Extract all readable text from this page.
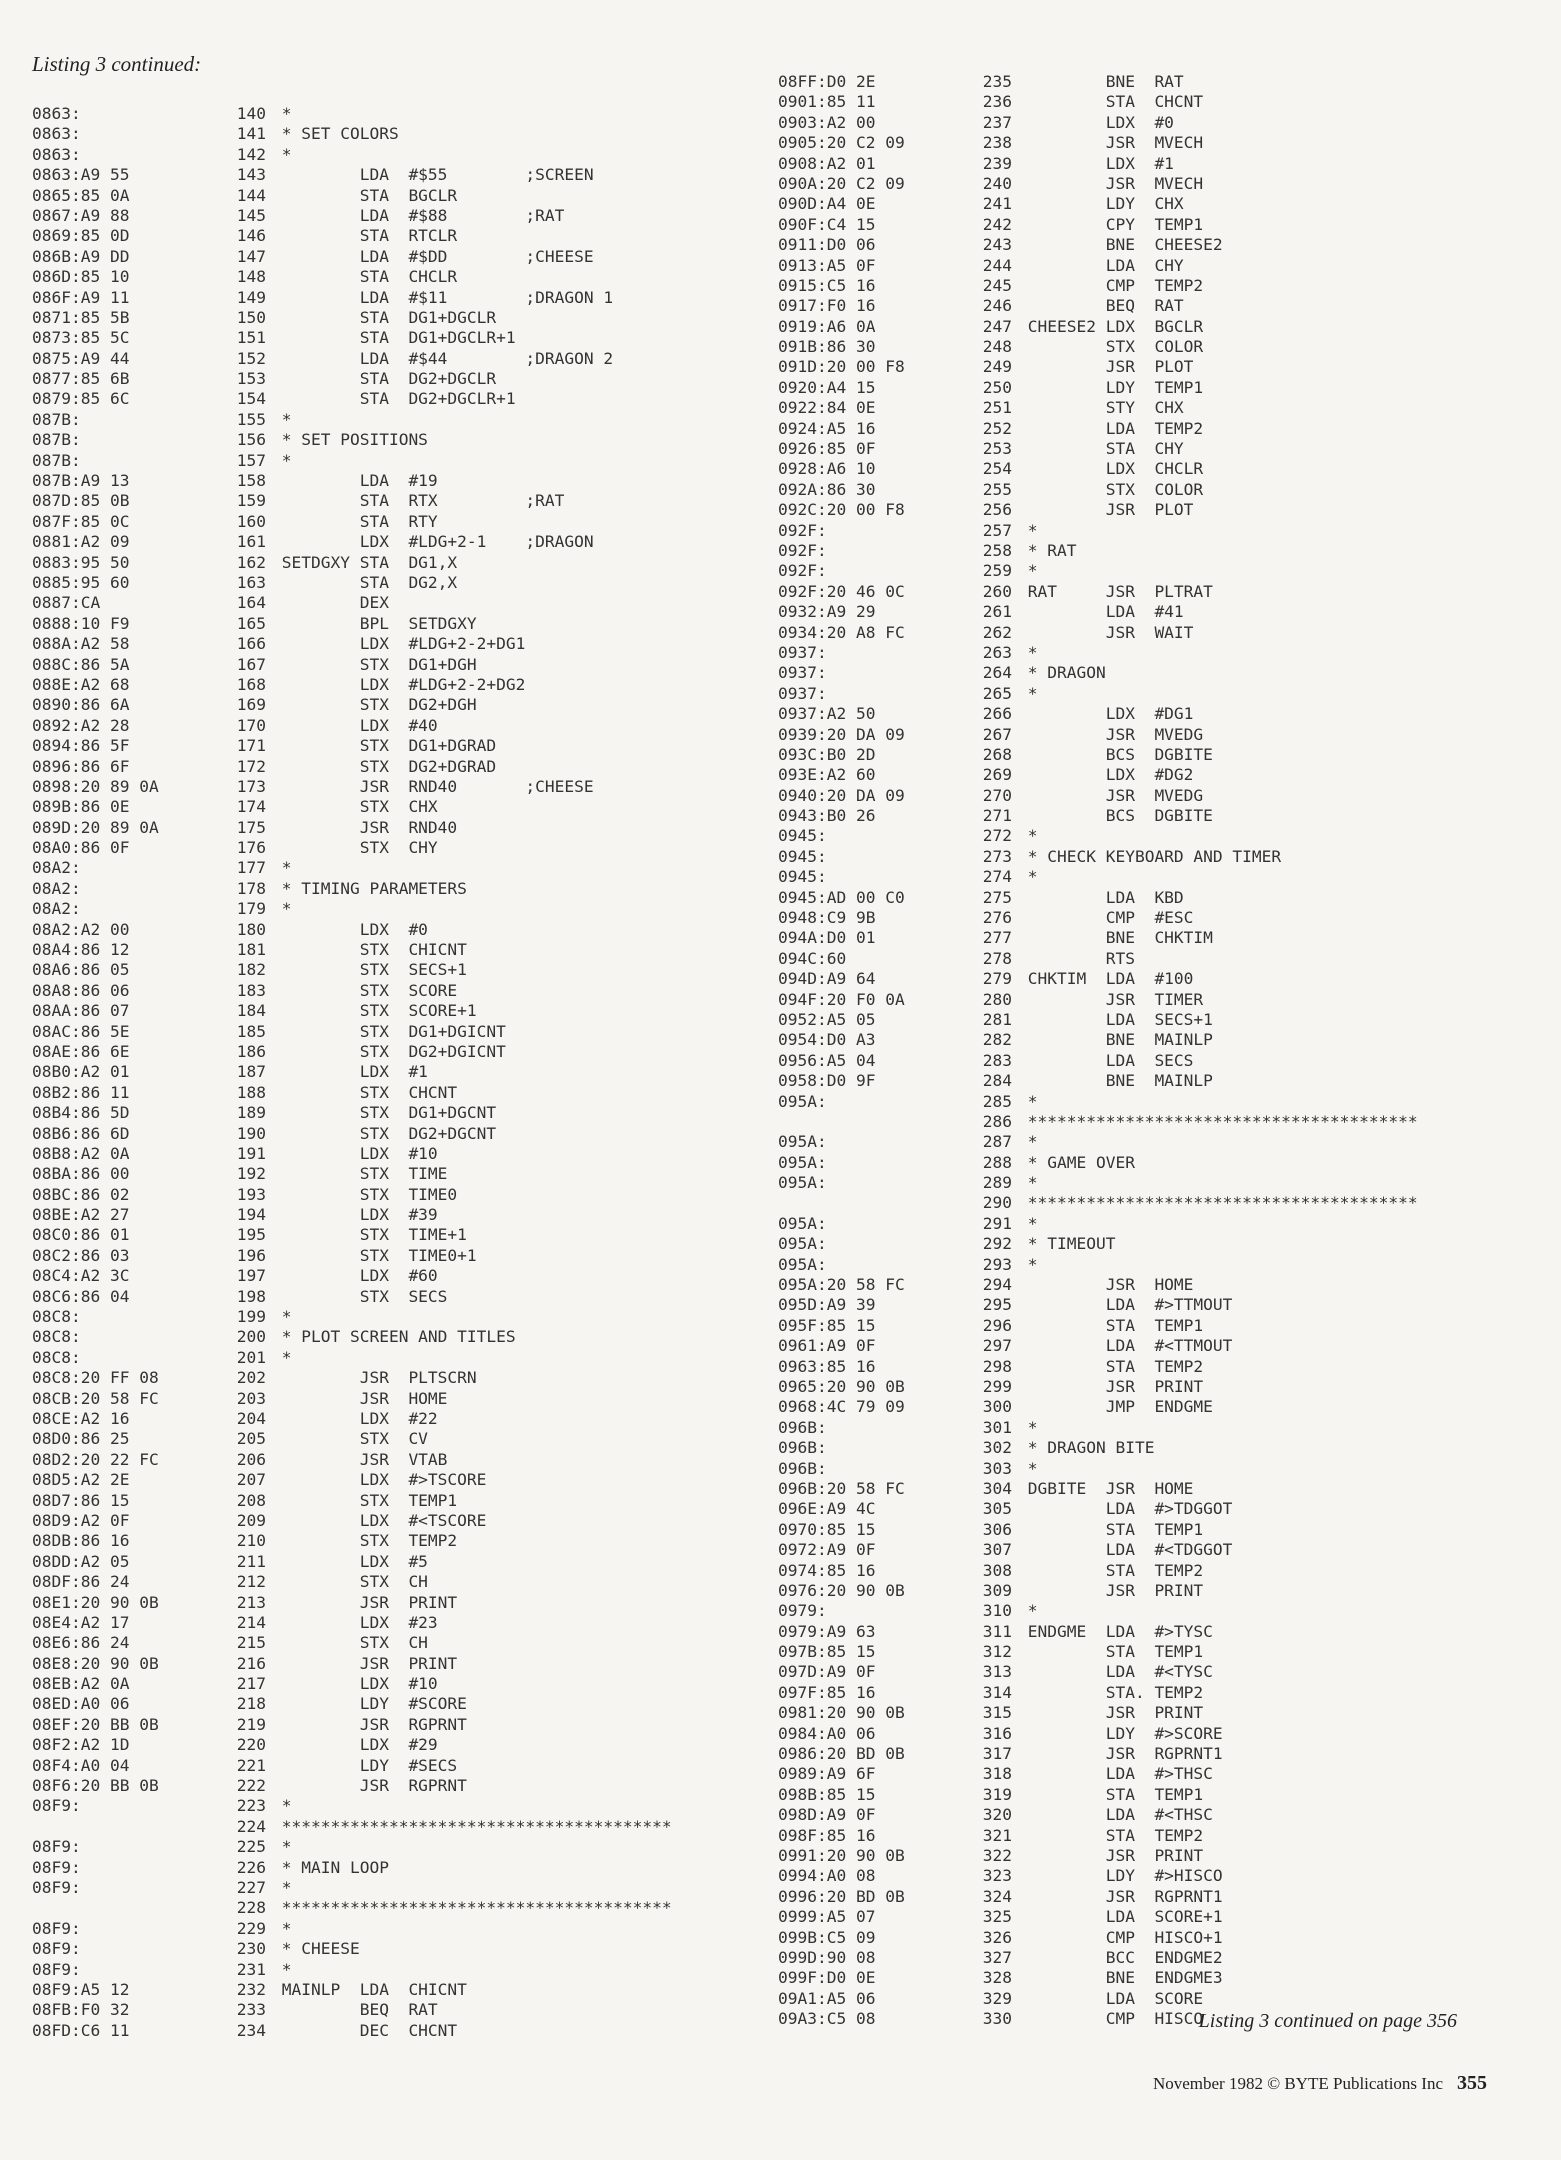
Listing 3 continued:
0863:	140 *
0863:	141 * SET COLORS
0863:	142 *
0863:A9 55	143         LDA  #$55        ;SCREEN
0865:85 0A	144         STA  BGCLR
0867:A9 88	145         LDA  #$88        ;RAT
0869:85 0D	146         STA  RTCLR
086B:A9 DD	147         LDA  #$DD        ;CHEESE
086D:85 10	148         STA  CHCLR
086F:A9 11	149         LDA  #$11        ;DRAGON 1
0871:85 5B	150         STA  DG1+DGCLR
0873:85 5C	151         STA  DG1+DGCLR+1
0875:A9 44	152         LDA  #$44        ;DRAGON 2
0877:85 6B	153         STA  DG2+DGCLR
0879:85 6C	154         STA  DG2+DGCLR+1
087B:	155 *
087B:	156 * SET POSITIONS
087B:	157 *
087B:A9 13	158         LDA  #19
087D:85 0B	159         STA  RTX         ;RAT
087F:85 0C	160         STA  RTY
0881:A2 09	161         LDX  #LDG+2-1    ;DRAGON
0883:95 50	162 SETDGXY STA  DG1,X
0885:95 60	163         STA  DG2,X
0887:CA	164         DEX
0888:10 F9	165         BPL  SETDGXY
088A:A2 58	166         LDX  #LDG+2-2+DG1
088C:86 5A	167         STX  DG1+DGH
088E:A2 68	168         LDX  #LDG+2-2+DG2
0890:86 6A	169         STX  DG2+DGH
0892:A2 28	170         LDX  #40
0894:86 5F	171         STX  DG1+DGRAD
0896:86 6F	172         STX  DG2+DGRAD
0898:20 89 0A	173         JSR  RND40       ;CHEESE
089B:86 0E	174         STX  CHX
089D:20 89 0A	175         JSR  RND40
08A0:86 0F	176         STX  CHY
08A2:	177 *
08A2:	178 * TIMING PARAMETERS
08A2:	179 *
08A2:A2 00	180         LDX  #0
08A4:86 12	181         STX  CHICNT
08A6:86 05	182         STX  SECS+1
08A8:86 06	183         STX  SCORE
08AA:86 07	184         STX  SCORE+1
08AC:86 5E	185         STX  DG1+DGICNT
08AE:86 6E	186         STX  DG2+DGICNT
08B0:A2 01	187         LDX  #1
08B2:86 11	188         STX  CHCNT
08B4:86 5D	189         STX  DG1+DGCNT
08B6:86 6D	190         STX  DG2+DGCNT
08B8:A2 0A	191         LDX  #10
08BA:86 00	192         STX  TIME
08BC:86 02	193         STX  TIME0
08BE:A2 27	194         LDX  #39
08C0:86 01	195         STX  TIME+1
08C2:86 03	196         STX  TIME0+1
08C4:A2 3C	197         LDX  #60
08C6:86 04	198         STX  SECS
08C8:	199 *
08C8:	200 * PLOT SCREEN AND TITLES
08C8:	201 *
08C8:20 FF 08	202         JSR  PLTSCRN
08CB:20 58 FC	203         JSR  HOME
08CE:A2 16	204         LDX  #22
08D0:86 25	205         STX  CV
08D2:20 22 FC	206         JSR  VTAB
08D5:A2 2E	207         LDX  #>TSCORE
08D7:86 15	208         STX  TEMP1
08D9:A2 0F	209         LDX  #<TSCORE
08DB:86 16	210         STX  TEMP2
08DD:A2 05	211         LDX  #5
08DF:86 24	212         STX  CH
08E1:20 90 0B	213         JSR  PRINT
08E4:A2 17	214         LDX  #23
08E6:86 24	215         STX  CH
08E8:20 90 0B	216         JSR  PRINT
08EB:A2 0A	217         LDX  #10
08ED:A0 06	218         LDY  #SCORE
08EF:20 BB 0B	219         JSR  RGPRNT
08F2:A2 1D	220         LDX  #29
08F4:A0 04	221         LDY  #SECS
08F6:20 BB 0B	222         JSR  RGPRNT
08F9:	223 *
224 ****************************************
08F9:	225 *
08F9:	226 * MAIN LOOP
08F9:	227 *
228 ****************************************
08F9:	229 *
08F9:	230 * CHEESE
08F9:	231 *
08F9:A5 12	232 MAINLP  LDA  CHICNT
08FB:F0 32	233         BEQ  RAT
08FD:C6 11	234         DEC  CHCNT
08FF:D0 2E	235         BNE  RAT
0901:85 11	236         STA  CHCNT
0903:A2 00	237         LDX  #0
0905:20 C2 09	238         JSR  MVECH
0908:A2 01	239         LDX  #1
090A:20 C2 09	240         JSR  MVECH
090D:A4 0E	241         LDY  CHX
090F:C4 15	242         CPY  TEMP1
0911:D0 06	243         BNE  CHEESE2
0913:A5 0F	244         LDA  CHY
0915:C5 16	245         CMP  TEMP2
0917:F0 16	246         BEQ  RAT
0919:A6 0A	247 CHEESE2 LDX  BGCLR
091B:86 30	248         STX  COLOR
091D:20 00 F8	249         JSR  PLOT
0920:A4 15	250         LDY  TEMP1
0922:84 0E	251         STY  CHX
0924:A5 16	252         LDA  TEMP2
0926:85 0F	253         STA  CHY
0928:A6 10	254         LDX  CHCLR
092A:86 30	255         STX  COLOR
092C:20 00 F8	256         JSR  PLOT
092F:	257 *
092F:	258 * RAT
092F:	259 *
092F:20 46 0C	260 RAT     JSR  PLTRAT
0932:A9 29	261         LDA  #41
0934:20 A8 FC	262         JSR  WAIT
0937:	263 *
0937:	264 * DRAGON
0937:	265 *
0937:A2 50	266         LDX  #DG1
0939:20 DA 09	267         JSR  MVEDG
093C:B0 2D	268         BCS  DGBITE
093E:A2 60	269         LDX  #DG2
0940:20 DA 09	270         JSR  MVEDG
0943:B0 26	271         BCS  DGBITE
0945:	272 *
0945:	273 * CHECK KEYBOARD AND TIMER
0945:	274 *
0945:AD 00 C0	275         LDA  KBD
0948:C9 9B	276         CMP  #ESC
094A:D0 01	277         BNE  CHKTIM
094C:60	278         RTS
094D:A9 64	279 CHKTIM  LDA  #100
094F:20 F0 0A	280         JSR  TIMER
0952:A5 05	281         LDA  SECS+1
0954:D0 A3	282         BNE  MAINLP
0956:A5 04	283         LDA  SECS
0958:D0 9F	284         BNE  MAINLP
095A:	285 *
286 ****************************************
095A:	287 *
095A:	288 * GAME OVER
095A:	289 *
290 ****************************************
095A:	291 *
095A:	292 * TIMEOUT
095A:	293 *
095A:20 58 FC	294         JSR  HOME
095D:A9 39	295         LDA  #>TTMOUT
095F:85 15	296         STA  TEMP1
0961:A9 0F	297         LDA  #<TTMOUT
0963:85 16	298         STA  TEMP2
0965:20 90 0B	299         JSR  PRINT
0968:4C 79 09	300         JMP  ENDGME
096B:	301 *
096B:	302 * DRAGON BITE
096B:	303 *
096B:20 58 FC	304 DGBITE  JSR  HOME
096E:A9 4C	305         LDA  #>TDGGOT
0970:85 15	306         STA  TEMP1
0972:A9 0F	307         LDA  #<TDGGOT
0974:85 16	308         STA  TEMP2
0976:20 90 0B	309         JSR  PRINT
0979:	310 *
0979:A9 63	311 ENDGME  LDA  #>TYSC
097B:85 15	312         STA  TEMP1
097D:A9 0F	313         LDA  #<TYSC
097F:85 16	314         STA. TEMP2
0981:20 90 0B	315         JSR  PRINT
0984:A0 06	316         LDY  #>SCORE
0986:20 BD 0B	317         JSR  RGPRNT1
0989:A9 6F	318         LDA  #>THSC
098B:85 15	319         STA  TEMP1
098D:A9 0F	320         LDA  #<THSC
098F:85 16	321         STA  TEMP2
0991:20 90 0B	322         JSR  PRINT
0994:A0 08	323         LDY  #>HISCO
0996:20 BD 0B	324         JSR  RGPRNT1
0999:A5 07	325         LDA  SCORE+1
099B:C5 09	326         CMP  HISCO+1
099D:90 08	327         BCC  ENDGME2
099F:D0 0E	328         BNE  ENDGME3
09A1:A5 06	329         LDA  SCORE
09A3:C5 08	330         CMP  HISCO
Listing 3 continued on page 356
November 1982 © BYTE Publications Inc 355
